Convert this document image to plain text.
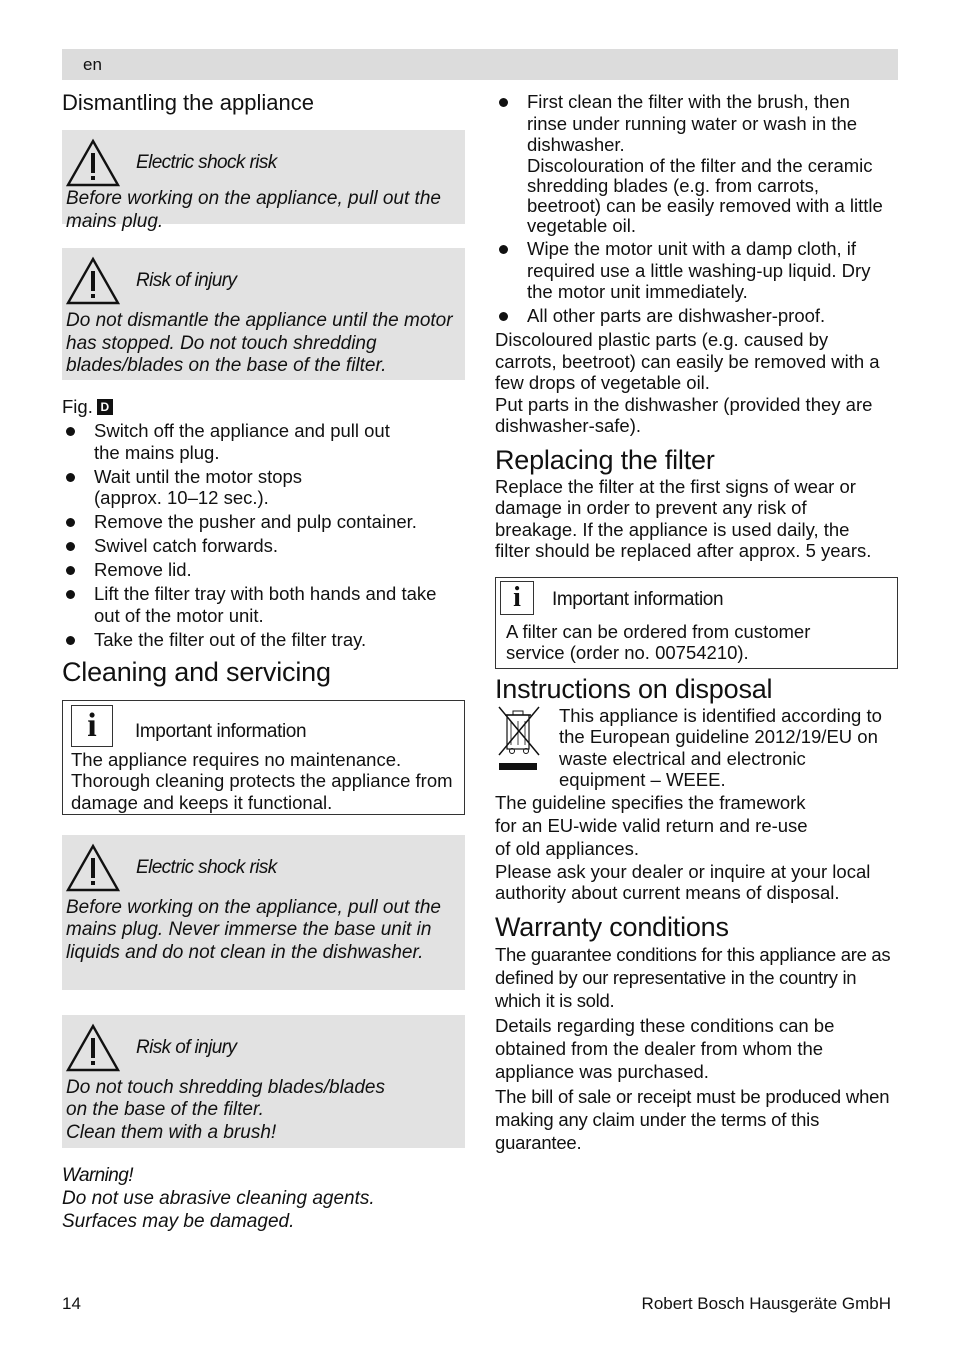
en
Dismantling the appliance
Electric shock risk
Before working on the appliance, pull out the mains plug.
Risk of injury
Do not dismantle the appliance until the motor has stopped. Do not touch shredding blades/blades on the base of the filter.
Fig. D
Switch off the appliance and pull out the mains plug.
Wait until the motor stops (approx. 10–12 sec.).
Remove the pusher and pulp container.
Swivel catch forwards.
Remove lid.
Lift the filter tray with both hands and take out of the motor unit.
Take the filter out of the filter tray.
Cleaning and servicing
i	Important information
The appliance requires no maintenance. Thorough cleaning protects the appliance from damage and keeps it functional.
Electric shock risk
Before working on the appliance, pull out the mains plug. Never immerse the base unit in liquids and do not clean in the dishwasher.
Risk of injury
Do not touch shredding blades/blades
on the base of the filter.
Clean them with a brush!
Warning!
Do not use abrasive cleaning agents.
Surfaces may be damaged.
First clean the filter with the brush, then rinse under running water or wash in the dishwasher.
Discolouration of the filter and the ceramic shredding blades (e.g. from carrots, beetroot) can be easily removed with a little vegetable oil.
Wipe the motor unit with a damp cloth, if required use a little washing-up liquid. Dry the motor unit immediately.
All other parts are dishwasher-proof.

Discoloured plastic parts (e.g. caused by carrots, beetroot) can easily be removed with a few drops of vegetable oil.

Put parts in the dishwasher (provided they are dishwasher-safe).

Replacing the filter

Replace the filter at the first signs of wear or damage in order to prevent any risk of breakage. If the appliance is used daily, the filter should be replaced after approx. 5 years.

i	Important information
A filter can be ordered from customer service (order no. 00754210).
Instructions on disposal

This appliance is identified according to the European guideline 2012/19/EU on waste electrical and electronic equipment – WEEE.

The guideline specifies the framework for an EU-wide valid return and re-use of old appliances.

Please ask your dealer or inquire at your local authority about current means of disposal.

Warranty conditions

The guarantee conditions for this appliance are as defined by our representative in the country in which it is sold.

Details regarding these conditions can be obtained from the dealer from whom the appliance was purchased.

The bill of sale or receipt must be produced when making any claim under the terms of this guarantee.

14	Robert Bosch Hausgeräte GmbH
